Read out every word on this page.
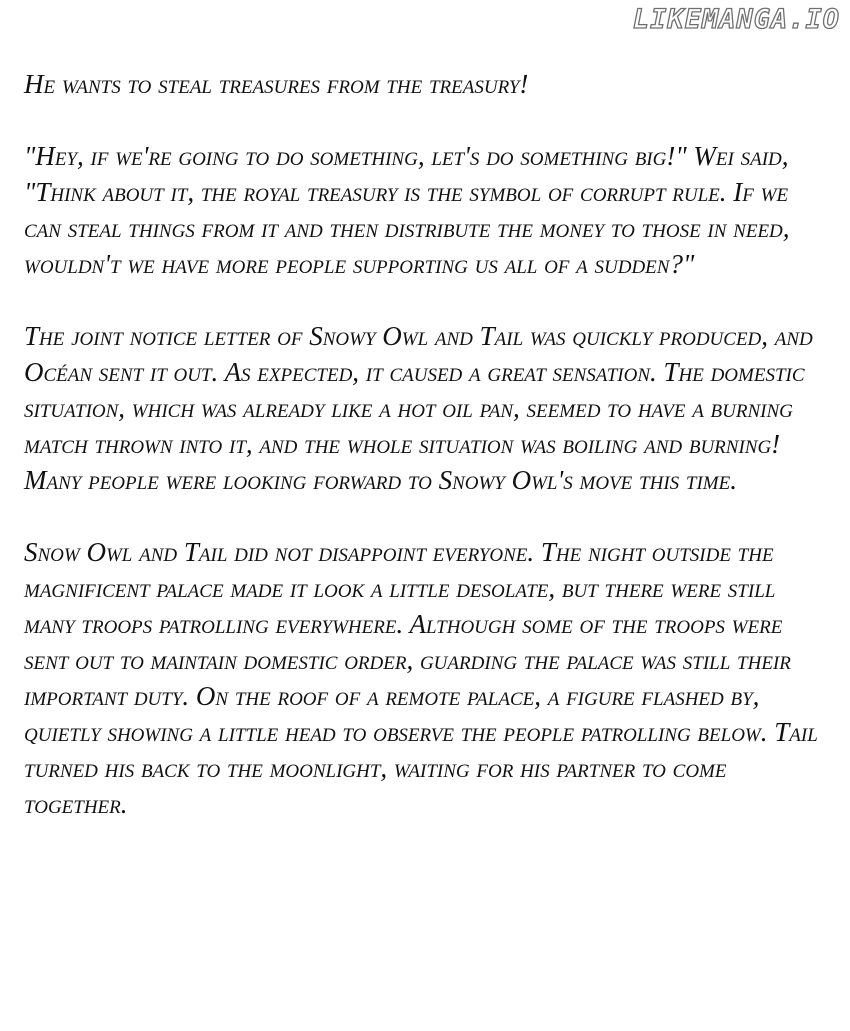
LIKEMANGA.IO

He wants to steal treasures from the treasury!

"Hey, if we're going to do something, let's do something big!" Wei said, "Think about it, the royal treasury is the symbol of corrupt rule. If we can steal things from it and then distribute the money to those in need, wouldn't we have more people supporting us all of a sudden?"

The joint notice letter of Snowy Owl and Tail was quickly produced, and Océan sent it out. As expected, it caused a great sensation. The domestic situation, which was already like a hot oil pan, seemed to have a burning match thrown into it, and the whole situation was boiling and burning! Many people were looking forward to Snowy Owl's move this time.

Snow Owl and Tail did not disappoint everyone. The night outside the magnificent palace made it look a little desolate, but there were still many troops patrolling everywhere. Although some of the troops were sent out to maintain domestic order, guarding the palace was still their important duty. On the roof of a remote palace, a figure flashed by, quietly showing a little head to observe the people patrolling below. Tail turned his back to the moonlight, waiting for his partner to come together.
